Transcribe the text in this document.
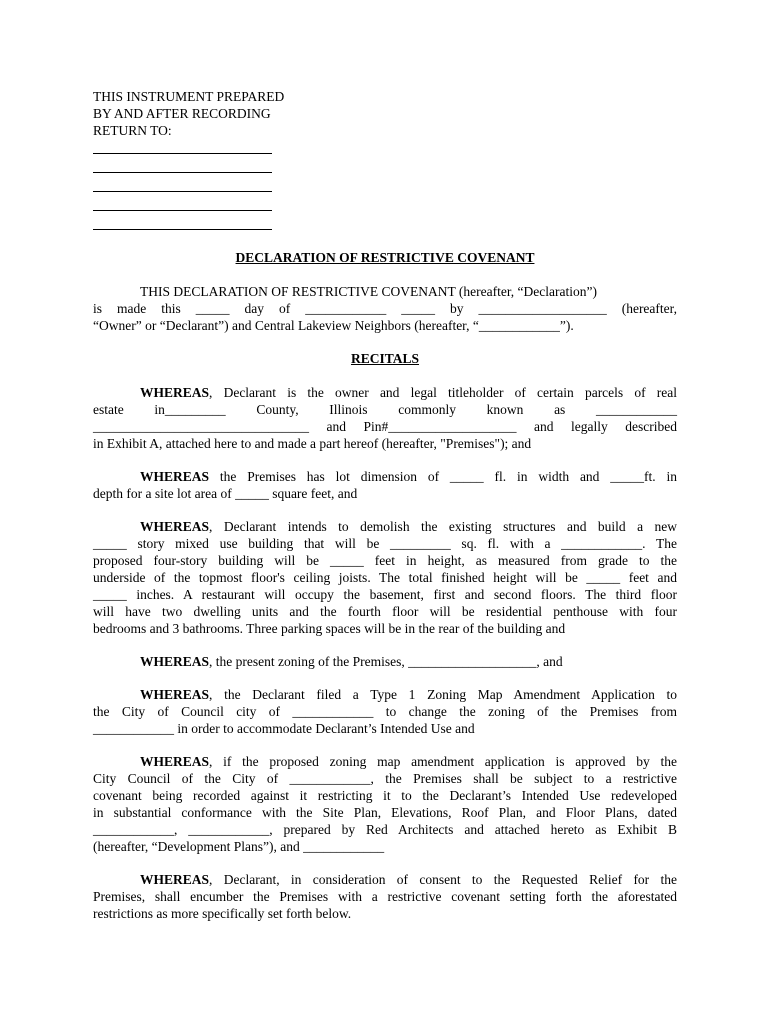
THIS INSTRUMENT PREPARED
BY AND AFTER RECORDING
RETURN TO:
DECLARATION OF RESTRICTIVE COVENANT
THIS DECLARATION OF RESTRICTIVE COVENANT (hereafter, “Declaration”)
is made this _____ day of ____________ _____ by ___________________ (hereafter,
“Owner” or “Declarant”) and Central Lakeview Neighbors (hereafter, “____________”).
RECITALS
WHEREAS, Declarant is the owner and legal titleholder of certain parcels of real
estate in_________ County, Illinois commonly known as ____________
________________________________ and Pin#___________________ and legally described
in Exhibit A, attached here to and made a part hereof (hereafter, "Premises"); and
WHEREAS the Premises has lot dimension of _____ fl. in width and _____ft. in
depth for a site lot area of _____ square feet, and
WHEREAS, Declarant intends to demolish the existing structures and build a new
_____ story mixed use building that will be _________ sq. fl. with a ____________. The
proposed four-story building will be _____ feet in height, as measured from grade to the
underside of the topmost floor's ceiling joists. The total finished height will be _____ feet and
_____ inches. A restaurant will occupy the basement, first and second floors. The third floor
will have two dwelling units and the fourth floor will be residential penthouse with four
bedrooms and 3 bathrooms. Three parking spaces will be in the rear of the building and
WHEREAS, the present zoning of the Premises, ___________________, and
WHEREAS, the Declarant filed a Type 1 Zoning Map Amendment Application to
the City of Council city of ____________ to change the zoning of the Premises from
____________ in order to accommodate Declarant’s Intended Use and
WHEREAS, if the proposed zoning map amendment application is approved by the
City Council of the City of ____________, the Premises shall be subject to a restrictive
covenant being recorded against it restricting it to the Declarant’s Intended Use redeveloped
in substantial conformance with the Site Plan, Elevations, Roof Plan, and Floor Plans, dated
____________, ____________, prepared by Red Architects and attached hereto as Exhibit B
(hereafter, “Development Plans”), and ____________
WHEREAS, Declarant, in consideration of consent to the Requested Relief for the
Premises, shall encumber the Premises with a restrictive covenant setting forth the aforestated
restrictions as more specifically set forth below.
